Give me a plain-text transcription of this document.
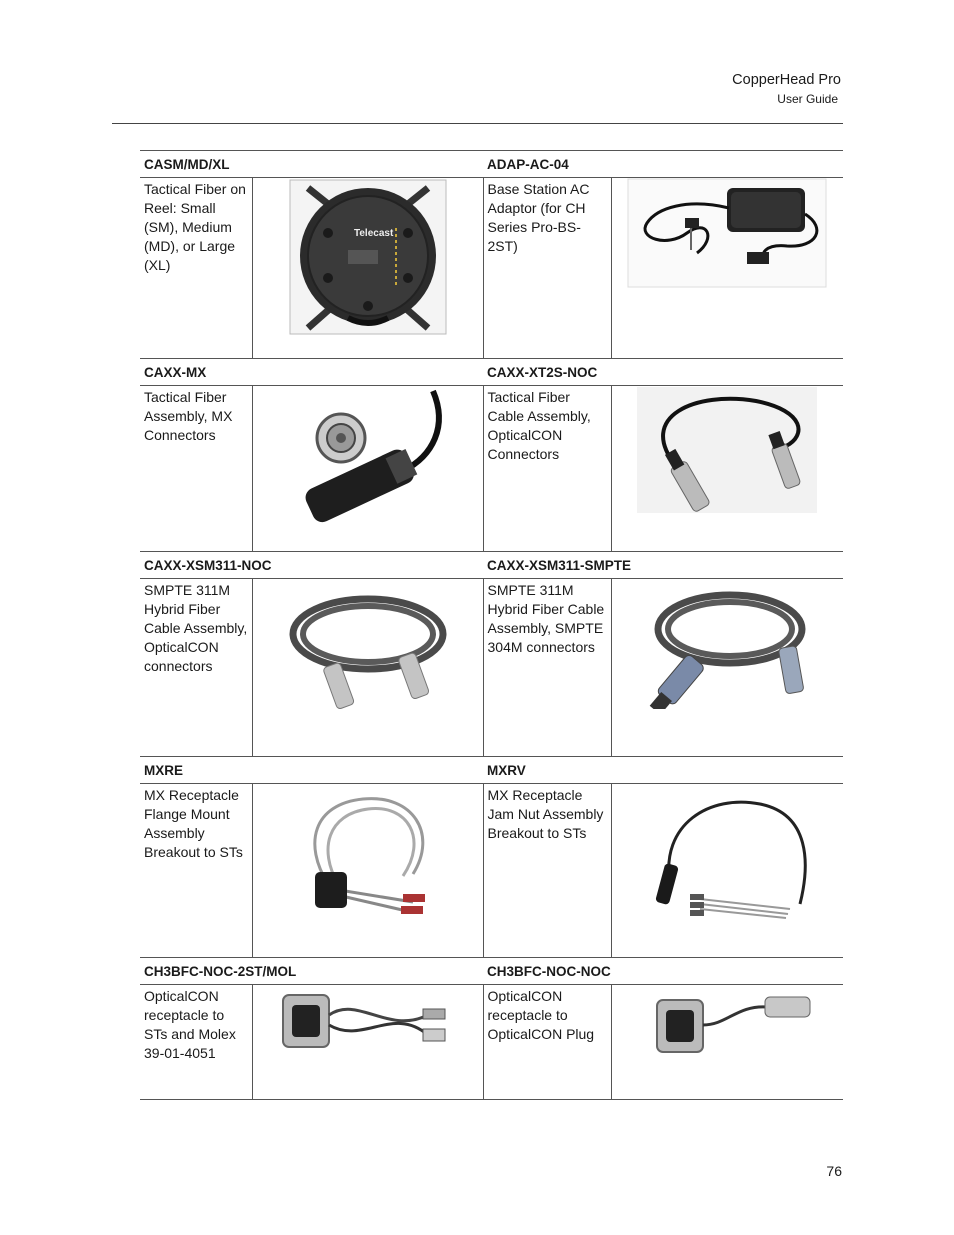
CopperHead Pro
User Guide
CASM/MD/XL		ADAP-AC-04	
Tactical Fiber on Reel: Small (SM), Medium (MD), or Large (XL)	Telecast	Base Station AC Adaptor (for CH Series Pro-BS-2ST)	

CAXX-MX		CAXX-XT2S-NOC	
Tactical Fiber Assembly, MX Connectors		Tactical Fiber Cable Assembly, OpticalCON Connectors	

CAXX-XSM311-NOC		CAXX-XSM311-SMPTE	
SMPTE 311M Hybrid Fiber Cable Assembly, OpticalCON connectors		SMPTE 311M Hybrid Fiber Cable Assembly, SMPTE 304M connectors	

MXRE		MXRV	
MX Receptacle Flange Mount Assembly Breakout to STs		MX Receptacle Jam Nut Assembly Breakout to STs	

CH3BFC-NOC-2ST/MOL		CH3BFC-NOC-NOC	
OpticalCON receptacle to STs and Molex 39-01-4051		OpticalCON receptacle to OpticalCON Plug	
76
